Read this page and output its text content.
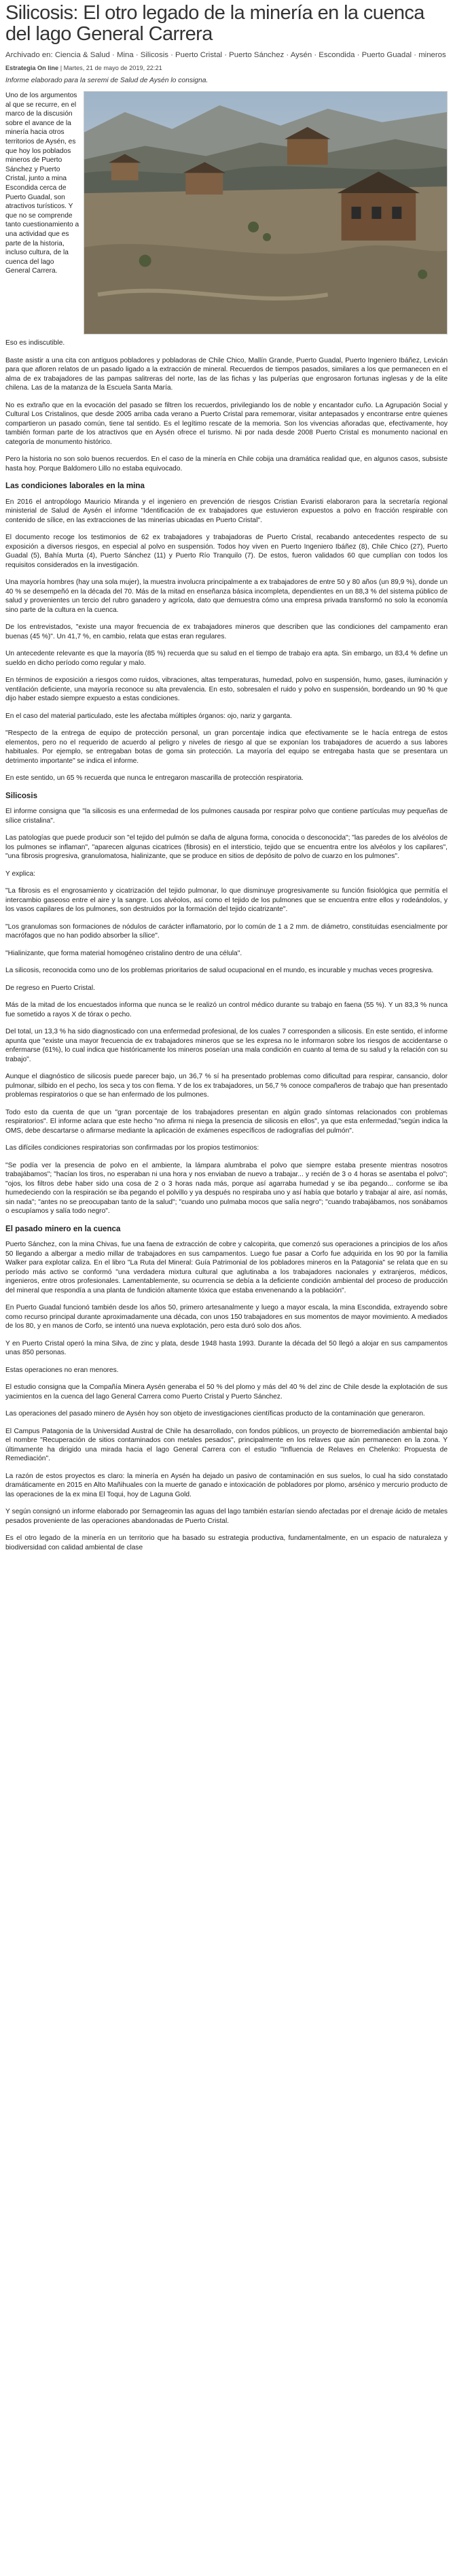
Silicosis: El otro legado de la minería en la cuenca del lago General Carrera
Archivado en: Ciencia & Salud · Mina · Silicosis · Puerto Cristal · Puerto Sánchez · Aysén · Escondida · Puerto Guadal · mineros
Estrategia On line | Martes, 21 de mayo de 2019, 22:21
Informe elaborado para la seremi de Salud de Aysén lo consigna.

Uno de los argumentos al que se recurre, en el marco de la discusión sobre el avance de la minería hacia otros territorios de Aysén, es que hoy los poblados mineros de Puerto Sánchez y Puerto Cristal, junto a mina Escondida cerca de Puerto Guadal, son atractivos turísticos. Y que no se comprende tanto cuestionamiento a una actividad que es parte de la historia, incluso cultura, de la cuenca del lago General Carrera.

Eso es indiscutible.

Baste asistir a una cita con antiguos pobladores y pobladoras de Chile Chico, Mallín Grande, Puerto Guadal, Puerto Ingeniero Ibáñez, Levicán para que afloren relatos de un pasado ligado a la extracción de mineral. Recuerdos de tiempos pasados, similares a los que permanecen en el alma de ex trabajadores de las pampas salitreras del norte, las de las fichas y las pulperías que engrosaron fortunas inglesas y de la elite chilena. Las de la matanza de la Escuela Santa María.

No es extraño que en la evocación del pasado se filtren los recuerdos, privilegiando los de noble y encantador cuño. La Agrupación Social y Cultural Los Cristalinos, que desde 2005 arriba cada verano a Puerto Cristal para rememorar, visitar antepasados y encontrarse entre quienes compartieron un pasado común, tiene tal sentido. Es el legítimo rescate de la memoria. Son los vivencias añoradas que, efectivamente, hoy también forman parte de los atractivos que en Aysén ofrece el turismo. Ni por nada desde 2008 Puerto Cristal es monumento nacional en categoría de monumento histórico.

Pero la historia no son solo buenos recuerdos. En el caso de la minería en Chile cobija una dramática realidad que, en algunos casos, subsiste hasta hoy. Porque Baldomero Lillo no estaba equivocado.

Las condiciones laborales en la mina

En 2016 el antropólogo Mauricio Miranda y el ingeniero en prevención de riesgos Cristian Evaristi elaboraron para la secretaría regional ministerial de Salud de Aysén el informe "Identificación de ex trabajadores que estuvieron expuestos a polvo en fracción respirable con contenido de sílice, en las extracciones de las minerías ubicadas en Puerto Cristal".

El documento recoge los testimonios de 62 ex trabajadores y trabajadoras de Puerto Cristal, recabando antecedentes respecto de su exposición a diversos riesgos, en especial al polvo en suspensión. Todos hoy viven en Puerto Ingeniero Ibáñez (8), Chile Chico (27), Puerto Guadal (5), Bahía Murta (4), Puerto Sánchez (11) y Puerto Río Tranquilo (7). De estos, fueron validados 60 que cumplían con todos los requisitos considerados en la investigación.

Una mayoría hombres (hay una sola mujer), la muestra involucra principalmente a ex trabajadores de entre 50 y 80 años (un 89,9 %), donde un 40 % se desempeñó en la década del 70. Más de la mitad en enseñanza básica incompleta, dependientes en un 88,3 % del sistema público de salud y provenientes un tercio del rubro ganadero y agrícola, dato que demuestra cómo una empresa privada transformó no solo la economía sino parte de la cultura en la cuenca.

De los entrevistados, "existe una mayor frecuencia de ex trabajadores mineros que describen que las condiciones del campamento eran buenas (45 %)". Un 41,7 %, en cambio, relata que estas eran regulares.

Un antecedente relevante es que la mayoría (85 %) recuerda que su salud en el tiempo de trabajo era apta. Sin embargo, un 83,4 % define un sueldo en dicho período como regular y malo.

En términos de exposición a riesgos como ruidos, vibraciones, altas temperaturas, humedad, polvo en suspensión, humo, gases, iluminación y ventilación deficiente, una mayoría reconoce su alta prevalencia. En esto, sobresalen el ruido y polvo en suspensión, bordeando un 90 % que dijo haber estado siempre expuesto a estas condiciones.

En el caso del material particulado, este les afectaba múltiples órganos: ojo, nariz y garganta.

"Respecto de la entrega de equipo de protección personal, un gran porcentaje indica que efectivamente se le hacía entrega de estos elementos, pero no el requerido de acuerdo al peligro y niveles de riesgo al que se exponían los trabajadores de acuerdo a sus labores habituales. Por ejemplo, se entregaban botas de goma sin protección. La mayoría del equipo se entregaba hasta que se presentara un detrimento importante" se indica el informe.

En este sentido, un 65 % recuerda que nunca le entregaron mascarilla de protección respiratoria.

Silicosis

El informe consigna que "la silicosis es una enfermedad de los pulmones causada por respirar polvo que contiene partículas muy pequeñas de sílice cristalina".

Las patologías que puede producir son "el tejido del pulmón se daña de alguna forma, conocida o desconocida"; "las paredes de los alvéolos de los pulmones se inflaman", "aparecen algunas cicatrices (fibrosis) en el intersticio, tejido que se encuentra entre los alvéolos y los capilares", "una fibrosis progresiva, granulomatosa, hialinizante, que se produce en sitios de depósito de polvo de cuarzo en los pulmones".

Y explica:

"La fibrosis es el engrosamiento y cicatrización del tejido pulmonar, lo que disminuye progresivamente su función fisiológica que permitía el intercambio gaseoso entre el aire y la sangre. Los alvéolos, así como el tejido de los pulmones que se encuentra entre ellos y rodeándolos, y los vasos capilares de los pulmones, son destruidos por la formación del tejido cicatrizante".

"Los granulomas son formaciones de nódulos de carácter inflamatorio, por lo común de 1 a 2 mm. de diámetro, constituidas esencialmente por macrófagos que no han podido absorber la sílice".

"Hialinizante, que forma material homogéneo cristalino dentro de una célula".

La silicosis, reconocida como uno de los problemas prioritarios de salud ocupacional en el mundo, es incurable y muchas veces progresiva.

De regreso en Puerto Cristal.

Más de la mitad de los encuestados informa que nunca se le realizó un control médico durante su trabajo en faena (55 %). Y un 83,3 % nunca fue sometido a rayos X de tórax o pecho.

Del total, un 13,3 % ha sido diagnosticado con una enfermedad profesional, de los cuales 7 corresponden a silicosis. En este sentido, el informe apunta que "existe una mayor frecuencia de ex trabajadores mineros que se les expresa no le informaron sobre los riesgos de accidentarse o enfermarse (61%), lo cual indica que históricamente los mineros poseían una mala condición en cuanto al tema de su salud y la relación con su trabajo".

Aunque el diagnóstico de silicosis puede parecer bajo, un 36,7 % sí ha presentado problemas como dificultad para respirar, cansancio, dolor pulmonar, silbido en el pecho, los seca y tos con flema. Y de los ex trabajadores, un 56,7 % conoce compañeros de trabajo que han presentado problemas respiratorios o que se han enfermado de los pulmones.

Todo esto da cuenta de que un "gran porcentaje de los trabajadores presentan en algún grado síntomas relacionados con problemas respiratorios". El informe aclara que este hecho "no afirma ni niega la presencia de silicosis en ellos", ya que esta enfermedad,"según indica la OMS, debe descartarse o afirmarse mediante la aplicación de exámenes específicos de radiografías del pulmón".

Las difíciles condiciones respiratorias son confirmadas por los propios testimonios:

"Se podía ver la presencia de polvo en el ambiente, la lámpara alumbraba el polvo que siempre estaba presente mientras nosotros trabajábamos"; "hacían los tiros, no esperaban ni una hora y nos enviaban de nuevo a trabajar... y recién de 3 o 4 horas se asentaba el polvo"; "ojos, los filtros debe haber sido una cosa de 2 o 3 horas nada más, porque así agarraba humedad y se iba pegando... conforme se iba humedeciendo con la respiración se iba pegando el polvillo y ya después no respiraba uno y así había que botarlo y trabajar al aire, así nomás, sin nada"; "antes no se preocupaban tanto de la salud"; "cuando uno pulmaba mocos que salía negro"; "cuando trabajábamos, nos sonábamos o escupíamos y salía todo negro".

El pasado minero en la cuenca

Puerto Sánchez, con la mina Chivas, fue una faena de extracción de cobre y calcopirita, que comenzó sus operaciones a principios de los años 50 llegando a albergar a medio millar de trabajadores en sus campamentos. Luego fue pasar a Corfo fue adquirida en los 90 por la familia Walker para explotar caliza. En el libro "La Ruta del Mineral: Guía Patrimonial de los pobladores mineros en la Patagonia" se relata que en su período más activo se conformó "una verdadera mixtura cultural que aglutinaba a los trabajadores nacionales y extranjeros, médicos, ingenieros, entre otros profesionales. Lamentablemente, su ocurrencia se debía a la deficiente condición ambiental del proceso de producción del mineral que respondía a una planta de fundición altamente tóxica que estaba envenenando a la población".

En Puerto Guadal funcionó también desde los años 50, primero artesanalmente y luego a mayor escala, la mina Escondida, extrayendo sobre como recurso principal durante aproximadamente una década, con unos 150 trabajadores en sus momentos de mayor movimiento. A mediados de los 80, y en manos de Corfo, se intentó una nueva explotación, pero esta duró solo dos años.

Y en Puerto Cristal operó la mina Silva, de zinc y plata, desde 1948 hasta 1993. Durante la década del 50 llegó a alojar en sus campamentos unas 850 personas.

Estas operaciones no eran menores.

El estudio consigna que la Compañía Minera Aysén generaba el 50 % del plomo y más del 40 % del zinc de Chile desde la explotación de sus yacimientos en la cuenca del lago General Carrera como Puerto Cristal y Puerto Sánchez.

Las operaciones del pasado minero de Aysén hoy son objeto de investigaciones científicas producto de la contaminación que generaron.

El Campus Patagonia de la Universidad Austral de Chile ha desarrollado, con fondos públicos, un proyecto de biorremediación ambiental bajo el nombre "Recuperación de sitios contaminados con metales pesados", principalmente en los relaves que aún permanecen en la zona. Y últimamente ha dirigido una mirada hacia el lago General Carrera con el estudio "Influencia de Relaves en Chelenko: Propuesta de Remediación".

La razón de estos proyectos es claro: la minería en Aysén ha dejado un pasivo de contaminación en sus suelos, lo cual ha sido constatado dramáticamente en 2015 en Alto Mañihuales con la muerte de ganado e intoxicación de pobladores por plomo, arsénico y mercurio producto de las operaciones de la ex mina El Toqui, hoy de Laguna Gold.

Y según consignó un informe elaborado por Sernageomin las aguas del lago también estarían siendo afectadas por el drenaje ácido de metales pesados proveniente de las operaciones abandonadas de Puerto Cristal.

Es el otro legado de la minería en un territorio que ha basado su estrategia productiva, fundamentalmente, en un espacio de naturaleza y biodiversidad con calidad ambiental de clase
